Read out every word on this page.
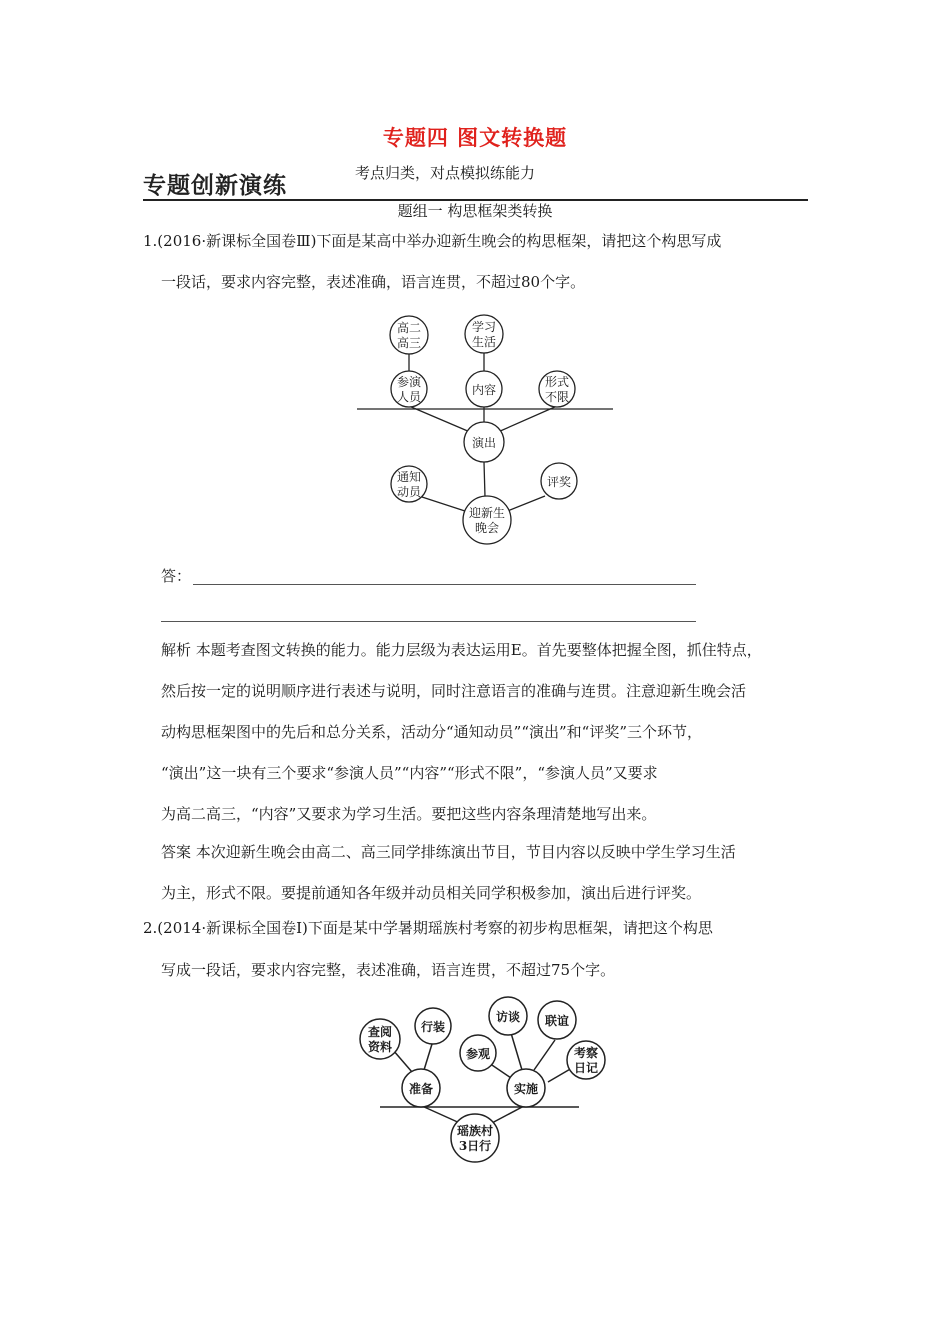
专题四 图文转换题
专题创新演练	考点归类，对点模拟练能力
题组一 构思框架类转换
1.(2016·新课标全国卷Ⅲ)下面是某高中举办迎新生晚会的构思框架，请把这个构思写成
一段话，要求内容完整，表述准确，语言连贯，不超过80个字。
高二
高三
学习
生活
参演
人员	内容
形式
不限
演出
通知
动员
评奖
迎新生
晚会
查阅
资料
行装
访谈 联谊
参观	考察
日记
准备	实施
瑶族村
3日行
答：
解析 本题考查图文转换的能力。能力层级为表达运用E。首先要整体把握全图，抓住特点，
然后按一定的说明顺序进行表述与说明，同时注意语言的准确与连贯。注意迎新生晚会活
动构思框架图中的先后和总分关系，活动分“通知动员”“演出”和“评奖”三个环节，
“演出”这一块有三个要求“参演人员”“内容”“形式不限”，“参演人员”又要求
为高二高三，“内容”又要求为学习生活。要把这些内容条理清楚地写出来。
答案 本次迎新生晚会由高二、高三同学排练演出节目，节目内容以反映中学生学习生活
为主，形式不限。要提前通知各年级并动员相关同学积极参加，演出后进行评奖。
2.(2014·新课标全国卷Ⅰ)下面是某中学暑期瑶族村考察的初步构思框架，请把这个构思
写成一段话，要求内容完整，表述准确，语言连贯，不超过75个字。
